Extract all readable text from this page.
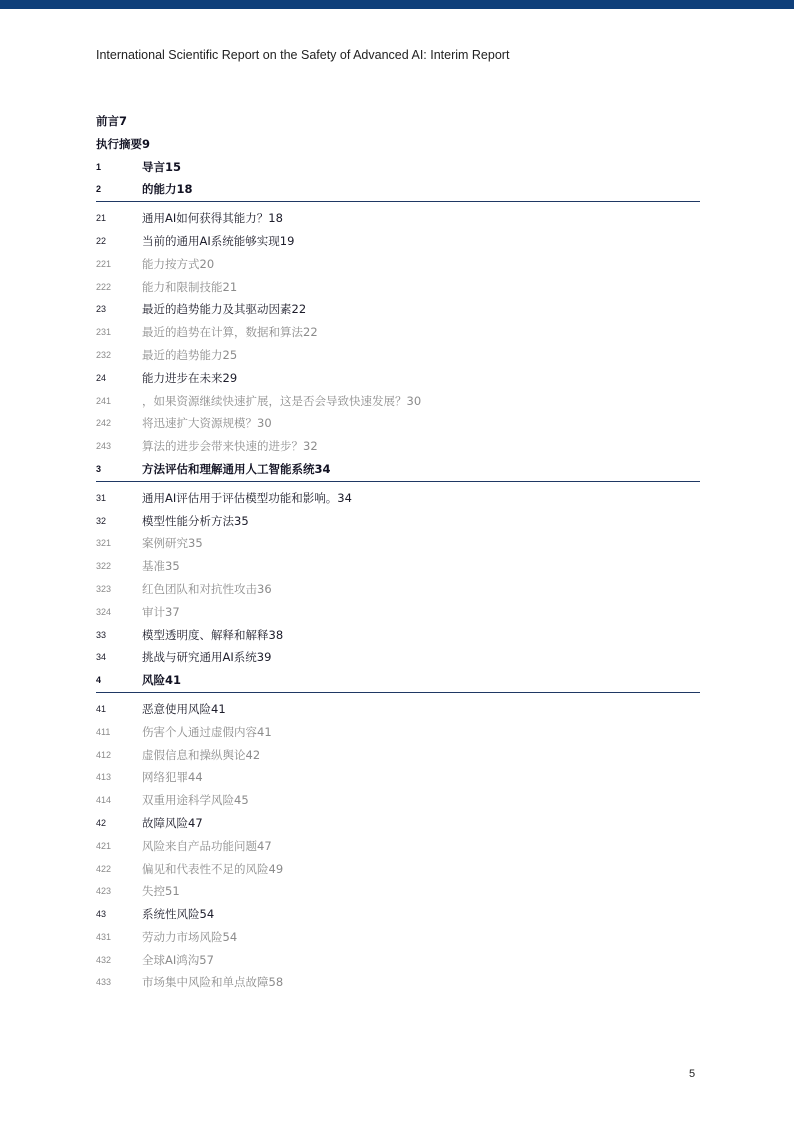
International Scientific Report on the Safety of Advanced AI: Interim Report
前言7
执行摘要9
1	导言15
2	的能力18
21	通用AI如何获得其能力？18
22	当前的通用AI系统能够实现19
221	能力按方式20
222	能力和限制技能21
23	最近的趋势能力及其驱动因素22
231	最近的趋势在计算，数据和算法22
232	最近的趋势能力25
24	能力进步在未来29
241	，如果资源继续快速扩展，这是否会导致快速发展？30
242	将迅速扩大资源规模？30
243	算法的进步会带来快速的进步？32
3	方法评估和理解通用人工智能系统34
31	通用AI评估用于评估模型功能和影响。34
32	模型性能分析方法35
321	案例研究35
322	基准35
323	红色团队和对抗性攻击36
324	审计37
33	模型透明度、解释和解释38
34	挑战与研究通用AI系统39
4	风险41
41	恶意使用风险41
411	伤害个人通过虚假内容41
412	虚假信息和操纵舆论42
413	网络犯罪44
414	双重用途科学风险45
42	故障风险47
421	风险来自产品功能问题47
422	偏见和代表性不足的风险49
423	失控51
43	系统性风险54
431	劳动力市场风险54
432	全球AI鸿沟57
433	市场集中风险和单点故障58
5
